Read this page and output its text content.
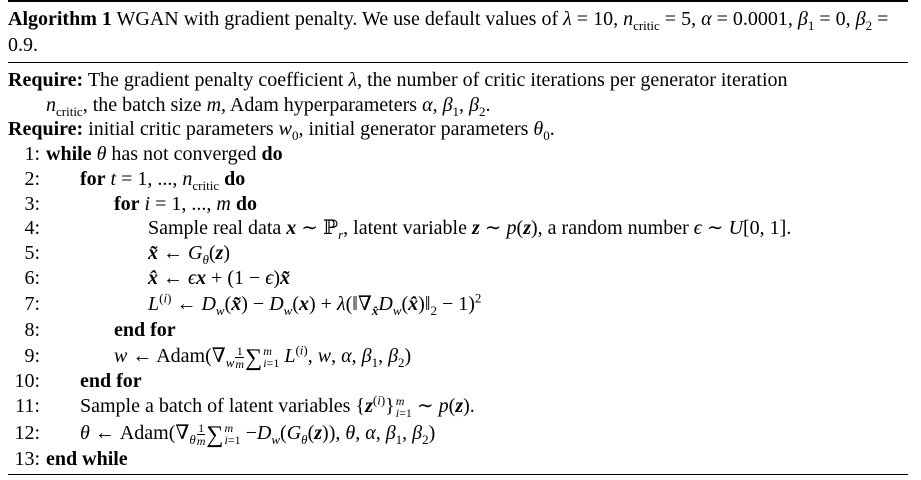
Algorithm 1 WGAN with gradient penalty. We use default values of λ = 10, $n_{critic} = 5$, α = 0.0001, $\beta_1 = 0$, $\beta_2 = 0.9$.
Require: The gradient penalty coefficient λ, the number of critic iterations per generator iteration
$n_{critic}$, the batch size m, Adam hyperparameters α, $\beta_1$, $\beta_2$.
Require: initial critic parameters $w_0$, initial generator parameters $\theta_0$.
1: while θ has not converged do
2: for t = 1, ..., $n_{critic}$ do
3:	for i = 1, ..., m do
4:	Sample real data x ∼ ℙ$_r$, latent variable z ∼ p(z), a random number ϵ ∼ U[0, 1].
5:	x̃ ← $G_\theta(z)$
6:	x̂ ← ϵx + (1 − ϵ)x̃
7:	$L^{(i)}$ ← $D_w(x̃) - D_w(x)$ + $\lambda(‖\nabla_{x̂}D_w(x̂)‖_2 - 1)^2$
8:	end for
9:	w ← $Adam(\nabla_w \frac{1}{m}$ ∑ m
i=1 $L^{(i)}$, w, α, $\beta_1$, $\beta_2$)
10: end for
11: Sample a batch of latent variables $\{z^{(i)}\}$ m
i=1 ∼ p(z).
12: θ ← $Adam(\nabla_\theta \frac{1}{m}$ ∑ m
$i=1 -D_w(G_\theta(z))$, θ, α, $\beta_1$, $\beta_2$)
13: end while
